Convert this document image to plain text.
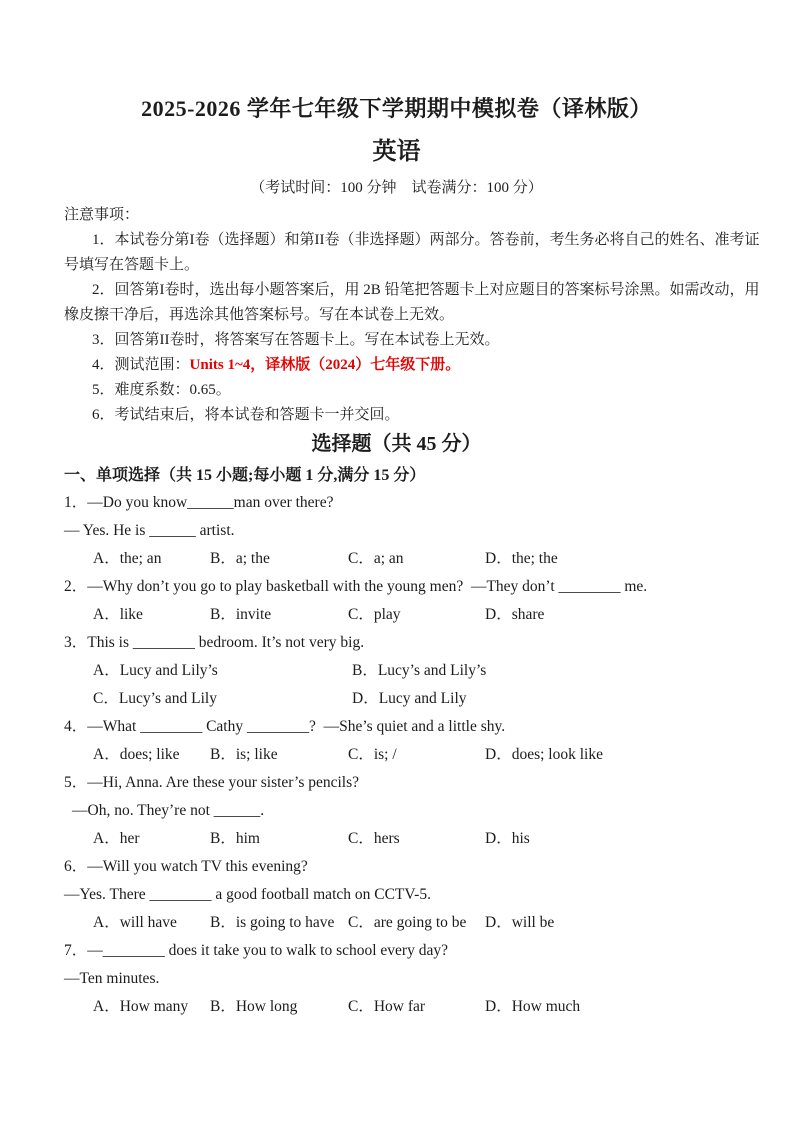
2025-2026 学年七年级下学期期中模拟卷（译林版）
英语
（考试时间：100 分钟　试卷满分：100 分）
注意事项：
1．本试卷分第I卷（选择题）和第II卷（非选择题）两部分。答卷前，考生务必将自己的姓名、准考证
号填写在答题卡上。
2．回答第I卷时，选出每小题答案后，用 2B 铅笔把答题卡上对应题目的答案标号涂黑。如需改动，用
橡皮擦干净后，再选涂其他答案标号。写在本试卷上无效。
3．回答第II卷时，将答案写在答题卡上。写在本试卷上无效。
4．测试范围：Units 1~4，译林版（2024）七年级下册。
5．难度系数：0.65。
6．考试结束后，将本试卷和答题卡一并交回。
选择题（共 45 分）
一、单项选择（共 15 小题;每小题 1 分,满分 15 分）
1．—Do you know______man over there?
— Yes. He is ______ artist.
A．the; an	B．a; the	C．a; an	D．the; the
2．—Why don’t you go to play basketball with the young men?  —They don’t ________ me.
A．like	B．invite	C．play	D．share
3．This is ________ bedroom. It’s not very big.
A．Lucy and Lily’s	B．Lucy’s and Lily’s
C．Lucy’s and Lily	D．Lucy and Lily
4．—What ________ Cathy ________?  —She’s quiet and a little shy.
A．does; like B．is; like	C．is; /	D．does; look like
5．—Hi, Anna. Are these your sister’s pencils?
—Oh, no. They’re not ______.
A．her	B．him	C．hers	D．his
6．—Will you watch TV this evening?
—Yes. There ________ a good football match on CCTV-5.
A．will have B．is going to have C．are going to be D．will be
7．—________ does it take you to walk to school every day?
—Ten minutes.
A．How many B．How long	C．How far	D．How much
